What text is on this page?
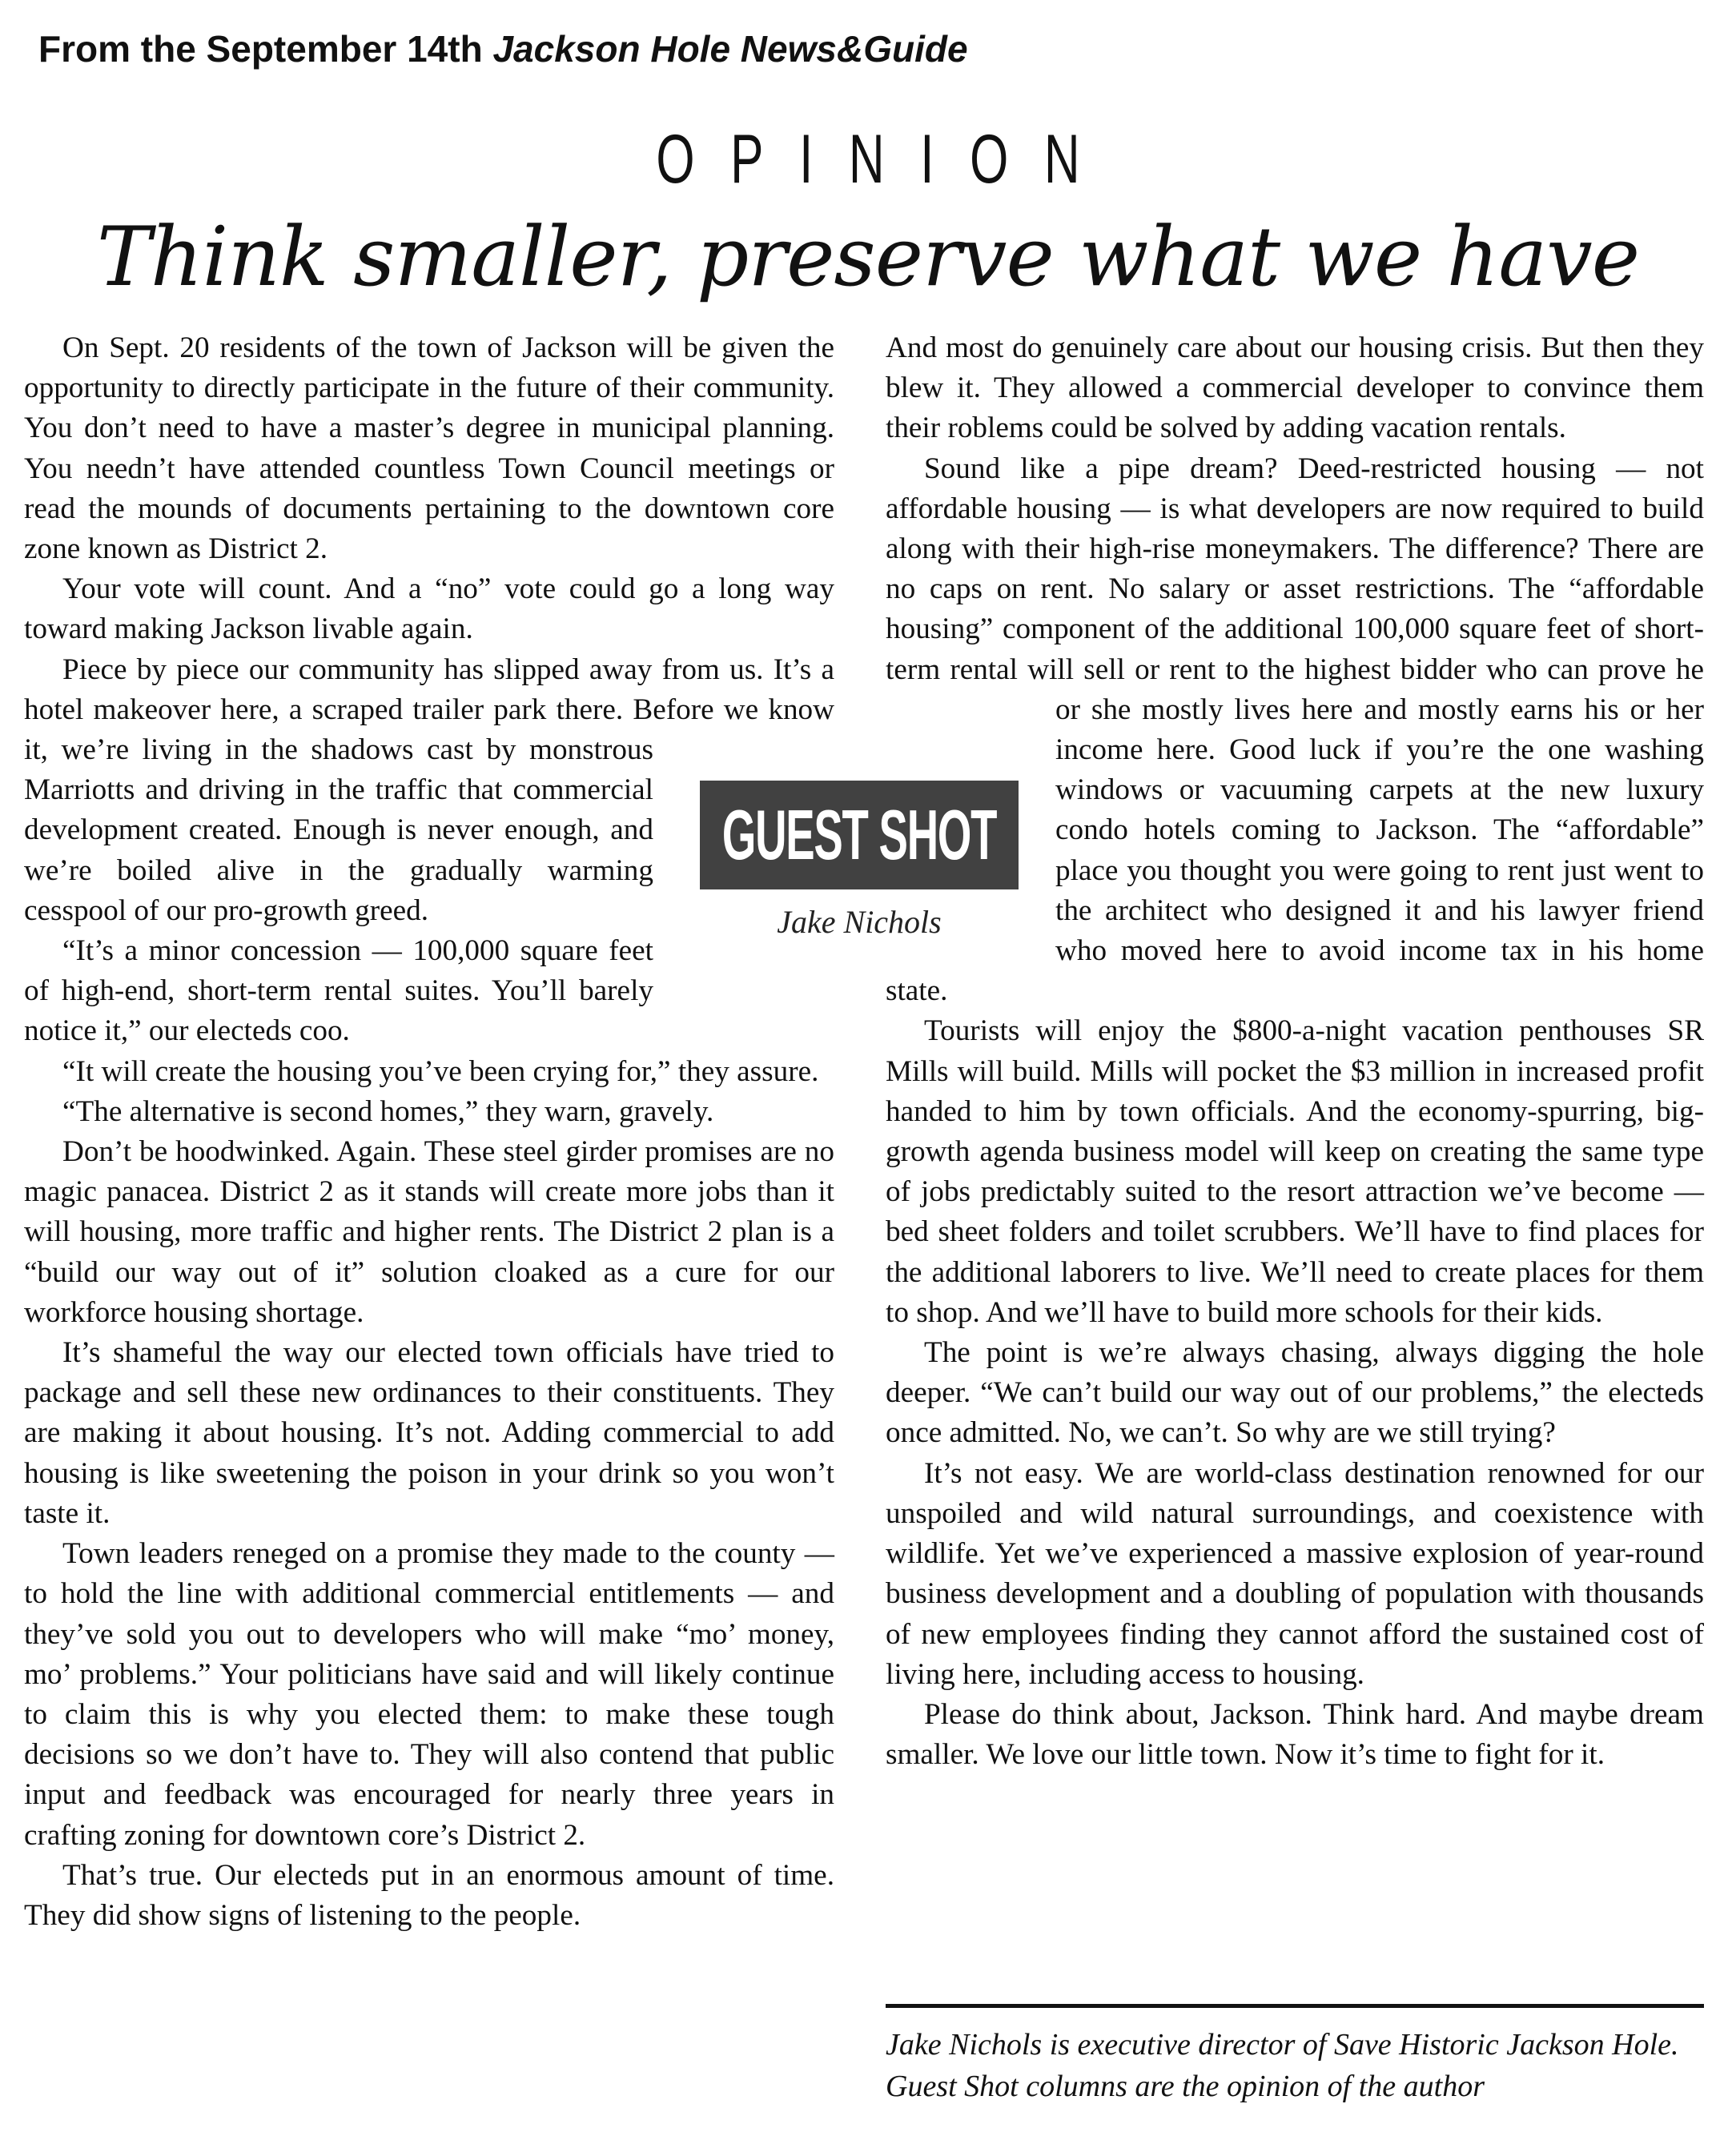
From the September 14th Jackson Hole News&Guide
OPINION
Think smaller, preserve what we have

On Sept. 20 residents of the town of Jackson will be given the opportunity to directly participate in the future of their community. You don’t need to have a master’s degree in municipal planning. You needn’t have attended countless Town Council meetings or read the mounds of documents pertaining to the downtown core zone known as District 2.

Your vote will count. And a “no” vote could go a long way toward making Jackson livable again.

Piece by piece our community has slipped away from us. It’s a hotel makeover here, a scraped trailer park there. Before we know it, we’re living in the shadows cast by monstrous Marriotts and driving in the traffic that commercial development created. Enough is never enough, and we’re boiled alive in the gradually warming cesspool of our pro-growth greed.

“It’s a minor concession — 100,000 square feet of high-end, short-term rental suites. You’ll barely notice it,” our electeds coo.

“It will create the housing you’ve been crying for,” they assure.

“The alternative is second homes,” they warn, gravely.

Don’t be hoodwinked. Again. These steel girder promises are no magic panacea. District 2 as it stands will create more jobs than it will housing, more traffic and higher rents. The District 2 plan is a “build our way out of it” solution cloaked as a cure for our workforce housing shortage.

It’s shameful the way our elected town officials have tried to package and sell these new ordinances to their constituents. They are making it about housing. It’s not. Adding commercial to add housing is like sweetening the poison in your drink so you won’t taste it.

Town leaders reneged on a promise they made to the county — to hold the line with additional commercial entitlements — and they’ve sold you out to developers who will make “mo’ money, mo’ problems.” Your politicians have said and will likely continue to claim this is why you elected them: to make these tough decisions so we don’t have to. They will also contend that public input and feedback was encouraged for nearly three years in crafting zoning for downtown core’s District 2.

That’s true. Our electeds put in an enormous amount of time. They did show signs of listening to the people.

And most do genuinely care about our housing crisis. But then they blew it. They allowed a commercial developer to convince them their roblems could be solved by adding vacation rentals.

Sound like a pipe dream? Deed-restricted housing — not affordable housing — is what developers are now required to build along with their high-rise moneymakers. The difference? There are no caps on rent. No salary or asset restrictions. The “affordable housing” component of the additional 100,000 square feet of short-term rental will sell or rent to the highest bidder who can prove he or she mostly lives here and mostly earns his or her income here. Good luck if you’re the one washing windows or vacuuming carpets at the new luxury condo hotels coming to Jackson. The “affordable” place you thought you were going to rent just went to the architect who designed it and his lawyer friend who moved here to avoid income tax in his home state.

Tourists will enjoy the $800-a-night vacation penthouses SR Mills will build. Mills will pocket the $3 million in increased profit handed to him by town officials. And the economy-spurring, big-growth agenda business model will keep on creating the same type of jobs predictably suited to the resort attraction we’ve become — bed sheet folders and toilet scrubbers. We’ll have to find places for the additional laborers to live. We’ll need to create places for them to shop. And we’ll have to build more schools for their kids.

The point is we’re always chasing, always digging the hole deeper. “We can’t build our way out of our problems,” the electeds once admitted. No, we can’t. So why are we still trying?

It’s not easy. We are world-class destination renowned for our unspoiled and wild natural surroundings, and coexistence with wildlife. Yet we’ve experienced a massive explosion of year-round business development and a doubling of population with thousands of new employees finding they cannot afford the sustained cost of living here, including access to housing.

Please do think about, Jackson. Think hard. And maybe dream smaller. We love our little town. Now it’s time to fight for it.

GUEST SHOT
Jake Nichols
Jake Nichols is executive director of Save Historic Jackson Hole. Guest Shot columns are the opinion of the author
